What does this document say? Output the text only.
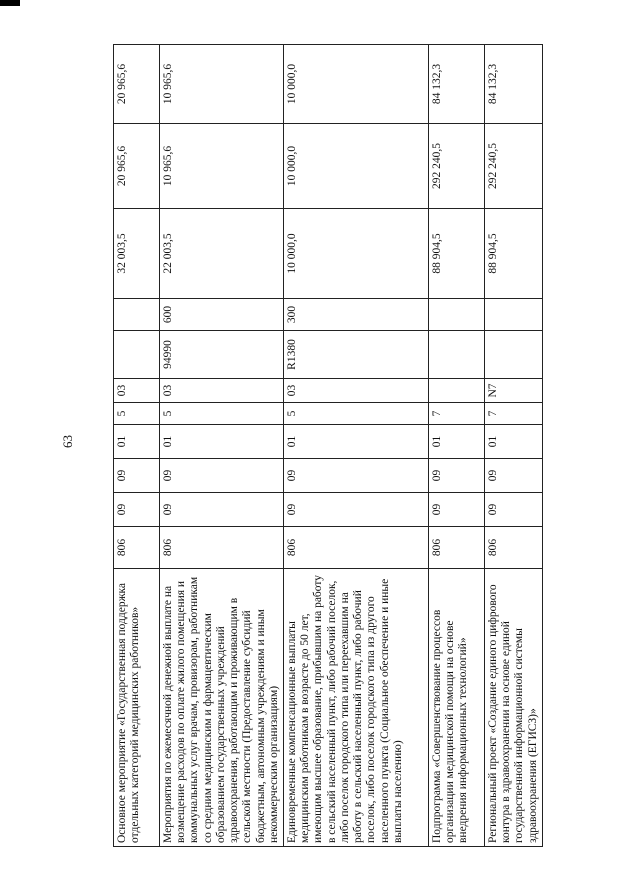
63
Основное мероприятие «Государственная поддержка отдельных категорий медицинских работников»	806	09	09	01	5	03			32 003,5	20 965,6	20 965,6
Мероприятия по ежемесячной денежной выплате на возмещение расходов по оплате жилого помещения и коммунальных услуг врачам, провизорам, работникам со средним медицинским и фармацевтическим образованием государственных учреждений здравоохранения, работающим и проживающим в сельской местности (Предоставление субсидий бюджетным, автономным учреждениям и иным некоммерческим организациям)	806	09	09	01	5	03	94990	600	22 003,5	10 965,6	10 965,6
Единовременные компенсационные выплаты медицинским работникам в возрасте до 50 лет, имеющим высшее образование, прибывшим на работу в сельский населенный пункт, либо рабочий поселок, либо поселок городского типа или переехавшим на работу в сельский населенный пункт, либо рабочий поселок, либо поселок городского типа из другого населенного пункта (Социальное обеспечение и иные выплаты населению)	806	09	09	01	5	03	R1380	300	10 000,0	10 000,0	10 000,0
Подпрограмма «Совершенствование процессов организации медицинской помощи на основе внедрения информационных технологий»	806	09	09	01	7				88 904,5	292 240,5	84 132,3
Региональный проект «Создание единого цифрового контура в здравоохранении на основе единой государственной информационной системы здравоохранения (ЕГИСЗ)»	806	09	09	01	7	N7			88 904,5	292 240,5	84 132,3
